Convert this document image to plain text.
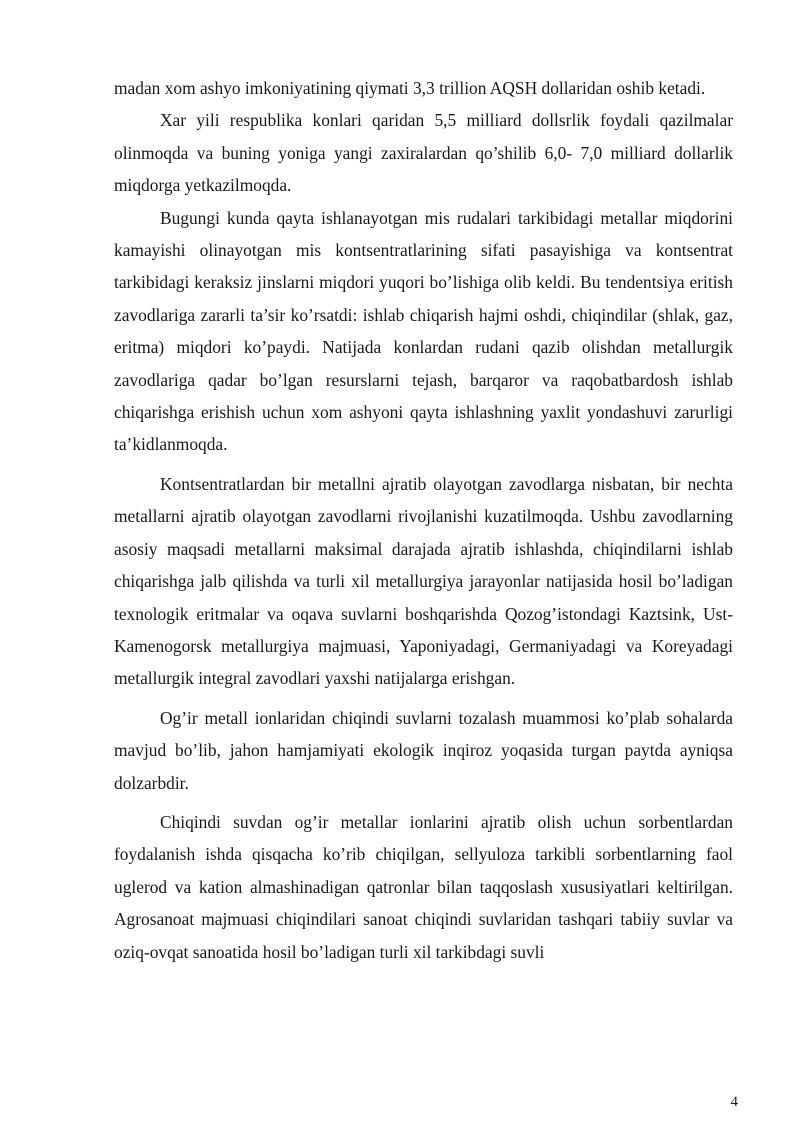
madan xom ashyo imkoniyatining qiymati 3,3 trillion AQSH dollaridan oshib ketadi.

Xar yili respublika konlari qaridan 5,5 milliard dollsrlik foydali qazilmalar olinmoqda va buning yoniga yangi zaxiralardan qo’shilib 6,0- 7,0 milliard dollarlik miqdorga yetkazilmoqda.

Bugungi kunda qayta ishlanayotgan mis rudalari tarkibidagi metallar miqdorini kamayishi olinayotgan mis kontsentratlarining sifati pasayishiga va kontsentrat tarkibidagi keraksiz jinslarni miqdori yuqori bo’lishiga olib keldi. Bu tendentsiya eritish zavodlariga zararli ta’sir ko’rsatdi: ishlab chiqarish hajmi oshdi, chiqindilar (shlak, gaz, eritma) miqdori ko’paydi. Natijada konlardan rudani qazib olishdan metallurgik zavodlariga qadar bo’lgan resurslarni tejash, barqaror va raqobatbardosh ishlab chiqarishga erishish uchun xom ashyoni qayta ishlashning yaxlit yondashuvi zarurligi ta’kidlanmoqda.

Kontsentratlardan bir metallni ajratib olayotgan zavodlarga nisbatan, bir nechta metallarni ajratib olayotgan zavodlarni rivojlanishi kuzatilmoqda. Ushbu zavodlarning asosiy maqsadi metallarni maksimal darajada ajratib ishlashda, chiqindilarni ishlab chiqarishga jalb qilishda va turli xil metallurgiya jarayonlar natijasida hosil bo’ladigan texnologik eritmalar va oqava suvlarni boshqarishda Qozog’istondagi Kaztsink, Ust-Kamenogorsk metallurgiya majmuasi, Yaponiyadagi, Germaniyadagi va Koreyadagi metallurgik integral zavodlari yaxshi natijalarga erishgan.

Og’ir metall ionlaridan chiqindi suvlarni tozalash muammosi ko’plab sohalarda mavjud bo’lib, jahon hamjamiyati ekologik inqiroz yoqasida turgan paytda ayniqsa dolzarbdir.

Chiqindi suvdan og’ir metallar ionlarini ajratib olish uchun sorbentlardan foydalanish ishda qisqacha ko’rib chiqilgan, sellyuloza tarkibli sorbentlarning faol uglerod va kation almashinadigan qatronlar bilan taqqoslash xususiyatlari keltirilgan. Agrosanoat majmuasi chiqindilari sanoat chiqindi suvlaridan tashqari tabiiy suvlar va oziq-ovqat sanoatida hosil bo’ladigan turli xil tarkibdagi suvli

4
